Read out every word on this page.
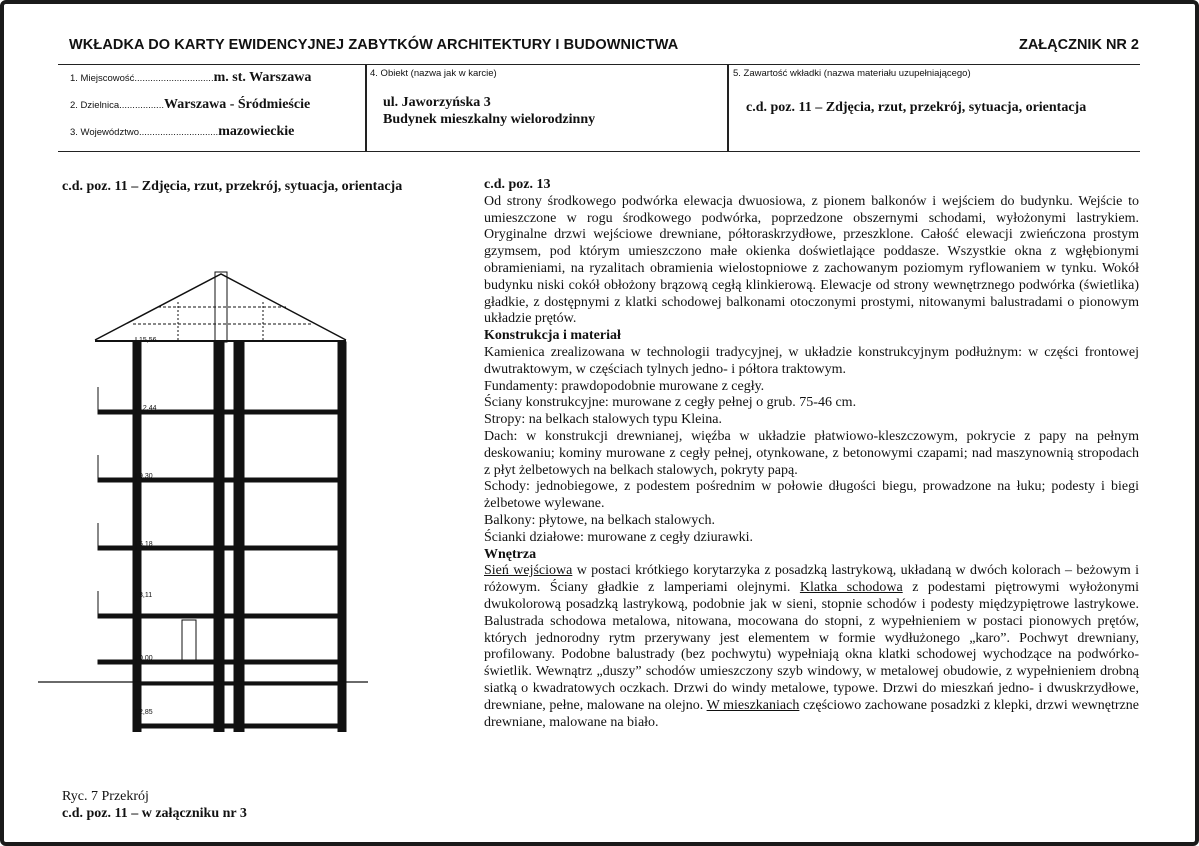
WKŁADKA DO KARTY EWIDENCYJNEJ ZABYTKÓW ARCHITEKTURY I BUDOWNICTWA	ZAŁĄCZNIK NR 2
1. Miejscowość..............................m. st. Warszawa
2. Dzielnica.................Warszawa - Śródmieście
3. Województwo..............................mazowieckie
4. Obiekt (nazwa jak w karcie)
ul. Jaworzyńska 3
Budynek mieszkalny wielorodzinny
5. Zawartość wkładki (nazwa materiału uzupełniającego)
c.d. poz. 11 – Zdjęcia, rzut, przekrój, sytuacja, orientacja
c.d. poz. 11 – Zdjęcia, rzut, przekrój, sytuacja, orientacja
15,56
12,44
9,30
6,18
3,11
0,00
2,85
Ryc. 7 Przekrój
c.d. poz. 11 – w załączniku nr 3

c.d. poz. 13

Od strony środkowego podwórka elewacja dwuosiowa, z pionem balkonów i wejściem do budynku. Wejście to umieszczone w rogu środkowego podwórka, poprzedzone obszernymi schodami, wyłożonymi lastrykiem. Oryginalne drzwi wejściowe drewniane, półtoraskrzydłowe, przeszklone. Całość elewacji zwieńczona prostym gzymsem, pod którym umieszczono małe okienka doświetlające poddasze. Wszystkie okna z wgłębionymi obramieniami, na ryzalitach obramienia wielostopniowe z zachowanym poziomym ryflowaniem w tynku. Wokół budynku niski cokół obłożony brązową cegłą klinkierową. Elewacje od strony wewnętrznego podwórka (świetlika) gładkie, z dostępnymi z klatki schodowej balkonami otoczonymi prostymi, nitowanymi balustradami o pionowym układzie prętów.

Konstrukcja i materiał

Kamienica zrealizowana w technologii tradycyjnej, w układzie konstrukcyjnym podłużnym: w części frontowej dwutraktowym, w częściach tylnych jedno- i półtora traktowym.

Fundamenty: prawdopodobnie murowane z cegły.

Ściany konstrukcyjne: murowane z cegły pełnej o grub. 75-46 cm.

Stropy: na belkach stalowych typu Kleina.

Dach: w konstrukcji drewnianej, więźba w układzie płatwiowo-kleszczowym, pokrycie z papy na pełnym deskowaniu; kominy murowane z cegły pełnej, otynkowane, z betonowymi czapami; nad maszynownią stropodach z płyt żelbetowych na belkach stalowych, pokryty papą.

Schody: jednobiegowe, z podestem pośrednim w połowie długości biegu, prowadzone na łuku; podesty i biegi żelbetowe wylewane.

Balkony: płytowe, na belkach stalowych.

Ścianki działowe: murowane z cegły dziurawki.

Wnętrza

Sień wejściowa w postaci krótkiego korytarzyka z posadzką lastrykową, układaną w dwóch kolorach – beżowym i różowym. Ściany gładkie z lamperiami olejnymi. Klatka schodowa z podestami piętrowymi wyłożonymi dwukolorową posadzką lastrykową, podobnie jak w sieni, stopnie schodów i podesty międzypiętrowe lastrykowe. Balustrada schodowa metalowa, nitowana, mocowana do stopni, z wypełnieniem w postaci pionowych prętów, których jednorodny rytm przerywany jest elementem w formie wydłużonego „karo”. Pochwyt drewniany, profilowany. Podobne balustrady (bez pochwytu) wypełniają okna klatki schodowej wychodzące na podwórko-świetlik. Wewnątrz „duszy” schodów umieszczony szyb windowy, w metalowej obudowie, z wypełnieniem drobną siatką o kwadratowych oczkach. Drzwi do windy metalowe, typowe. Drzwi do mieszkań jedno- i dwuskrzydłowe, drewniane, pełne, malowane na olejno. W mieszkaniach częściowo zachowane posadzki z klepki, drzwi wewnętrzne drewniane, malowane na biało.
